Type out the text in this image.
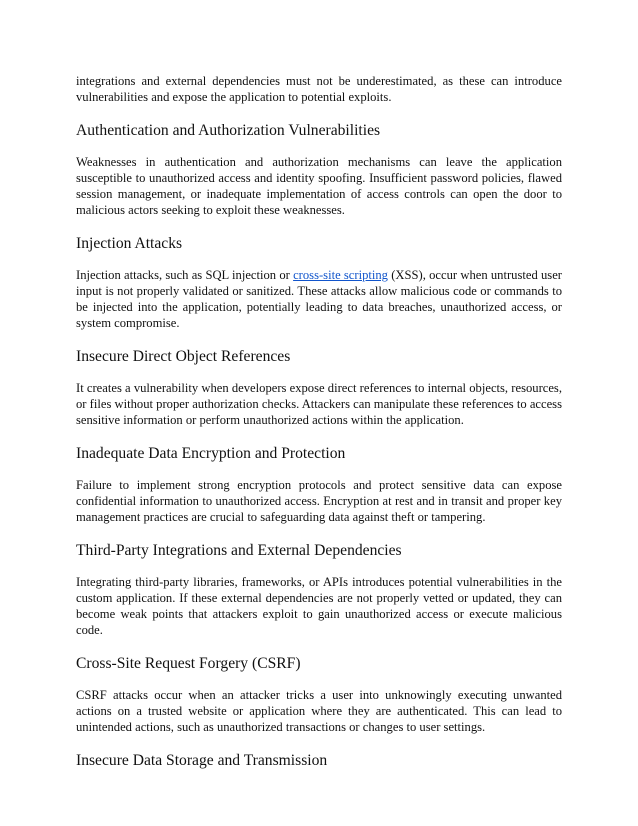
integrations and external dependencies must not be underestimated, as these can introduce vulnerabilities and expose the application to potential exploits.

Authentication and Authorization Vulnerabilities

Weaknesses in authentication and authorization mechanisms can leave the application susceptible to unauthorized access and identity spoofing. Insufficient password policies, flawed session management, or inadequate implementation of access controls can open the door to malicious actors seeking to exploit these weaknesses.

Injection Attacks

Injection attacks, such as SQL injection or cross-site scripting (XSS), occur when untrusted user input is not properly validated or sanitized. These attacks allow malicious code or commands to be injected into the application, potentially leading to data breaches, unauthorized access, or system compromise.

Insecure Direct Object References

It creates a vulnerability when developers expose direct references to internal objects, resources, or files without proper authorization checks. Attackers can manipulate these references to access sensitive information or perform unauthorized actions within the application.

Inadequate Data Encryption and Protection

Failure to implement strong encryption protocols and protect sensitive data can expose confidential information to unauthorized access. Encryption at rest and in transit and proper key management practices are crucial to safeguarding data against theft or tampering.

Third-Party Integrations and External Dependencies

Integrating third-party libraries, frameworks, or APIs introduces potential vulnerabilities in the custom application. If these external dependencies are not properly vetted or updated, they can become weak points that attackers exploit to gain unauthorized access or execute malicious code.

Cross-Site Request Forgery (CSRF)

CSRF attacks occur when an attacker tricks a user into unknowingly executing unwanted actions on a trusted website or application where they are authenticated. This can lead to unintended actions, such as unauthorized transactions or changes to user settings.

Insecure Data Storage and Transmission
